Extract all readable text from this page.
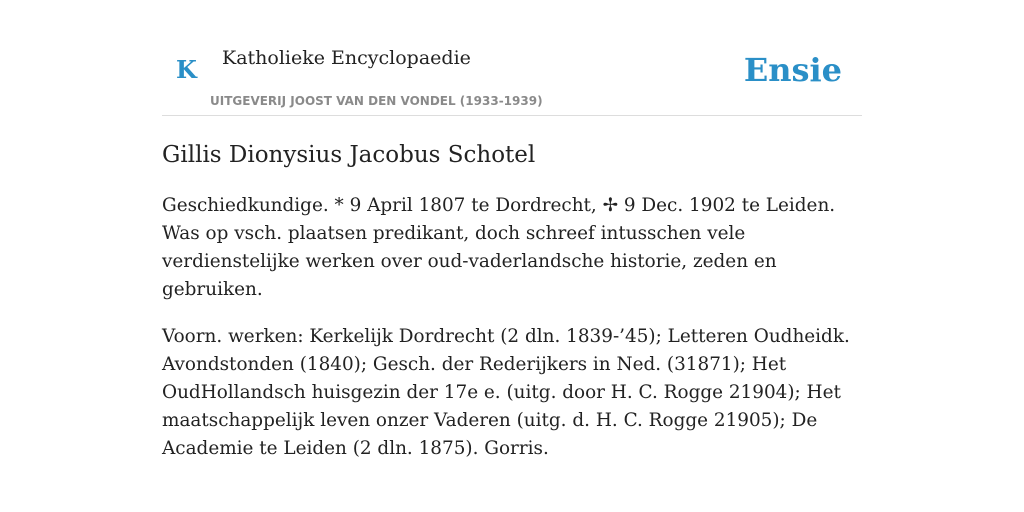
K Katholieke Encyclopaedie
UITGEVERIJ JOOST VAN DEN VONDEL (1933-1939)
Ensie
Gillis Dionysius Jacobus Schotel

Geschiedkundige. * 9 April 1807 te Dordrecht, ✢ 9 Dec. 1902 te Leiden. Was op vsch. plaatsen predikant, doch schreef intusschen vele verdienstelijke werken over oud-vaderlandsche historie, zeden en gebruiken.

Voorn. werken: Kerkelijk Dordrecht (2 dln. 1839-’45); Letteren Oudheidk. Avondstonden (1840); Gesch. der Rederijkers in Ned. (31871); Het OudHollandsch huisgezin der 17e e. (uitg. door H. C. Rogge 21904); Het maatschappelijk leven onzer Vaderen (uitg. d. H. C. Rogge 21905); De Academie te Leiden (2 dln. 1875). Gorris.
